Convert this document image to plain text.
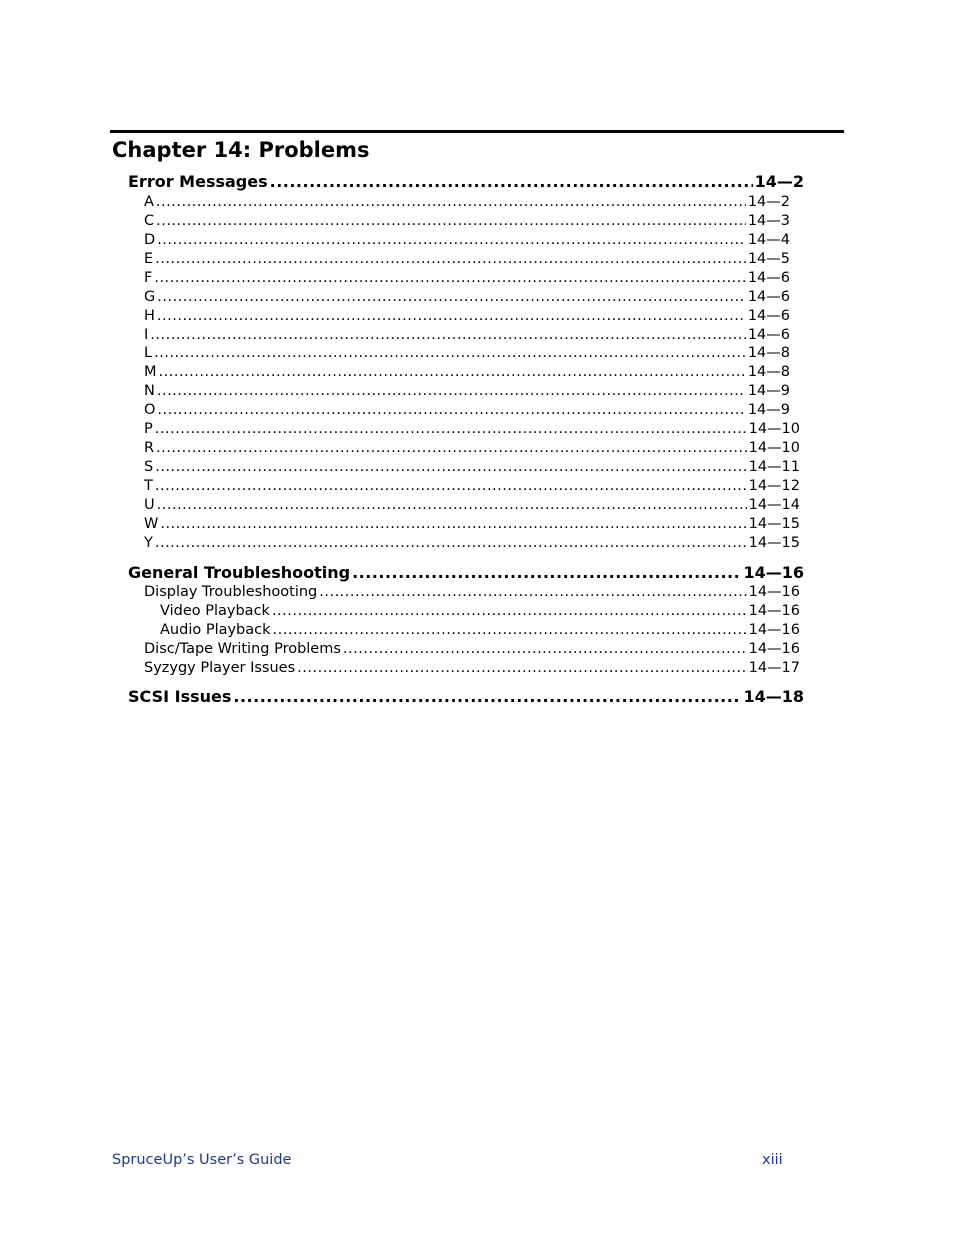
Chapter 14: Problems
Error Messages .....	14—2
A .....	14—2
C .....	14—3
D .....	14—4
E .....	14—5
F .....	14—6
G .....	14—6
H .....	14—6
I .....	14—6
L .....	14—8
M .....	14—8
N .....	14—9
O .....	14—9
P .....	14—10
R .....	14—10
S .....	14—11
T .....	14—12
U .....	14—14
W .....	14—15
Y .....	14—15
General Troubleshooting .....	14—16
Display Troubleshooting .....	14—16
Video Playback .....	14—16
Audio Playback .....	14—16
Disc/Tape Writing Problems .....	14—16
Syzygy Player Issues .....	14—17
SCSI Issues .....	14—18
SpruceUp’s User’s Guide	xiii
